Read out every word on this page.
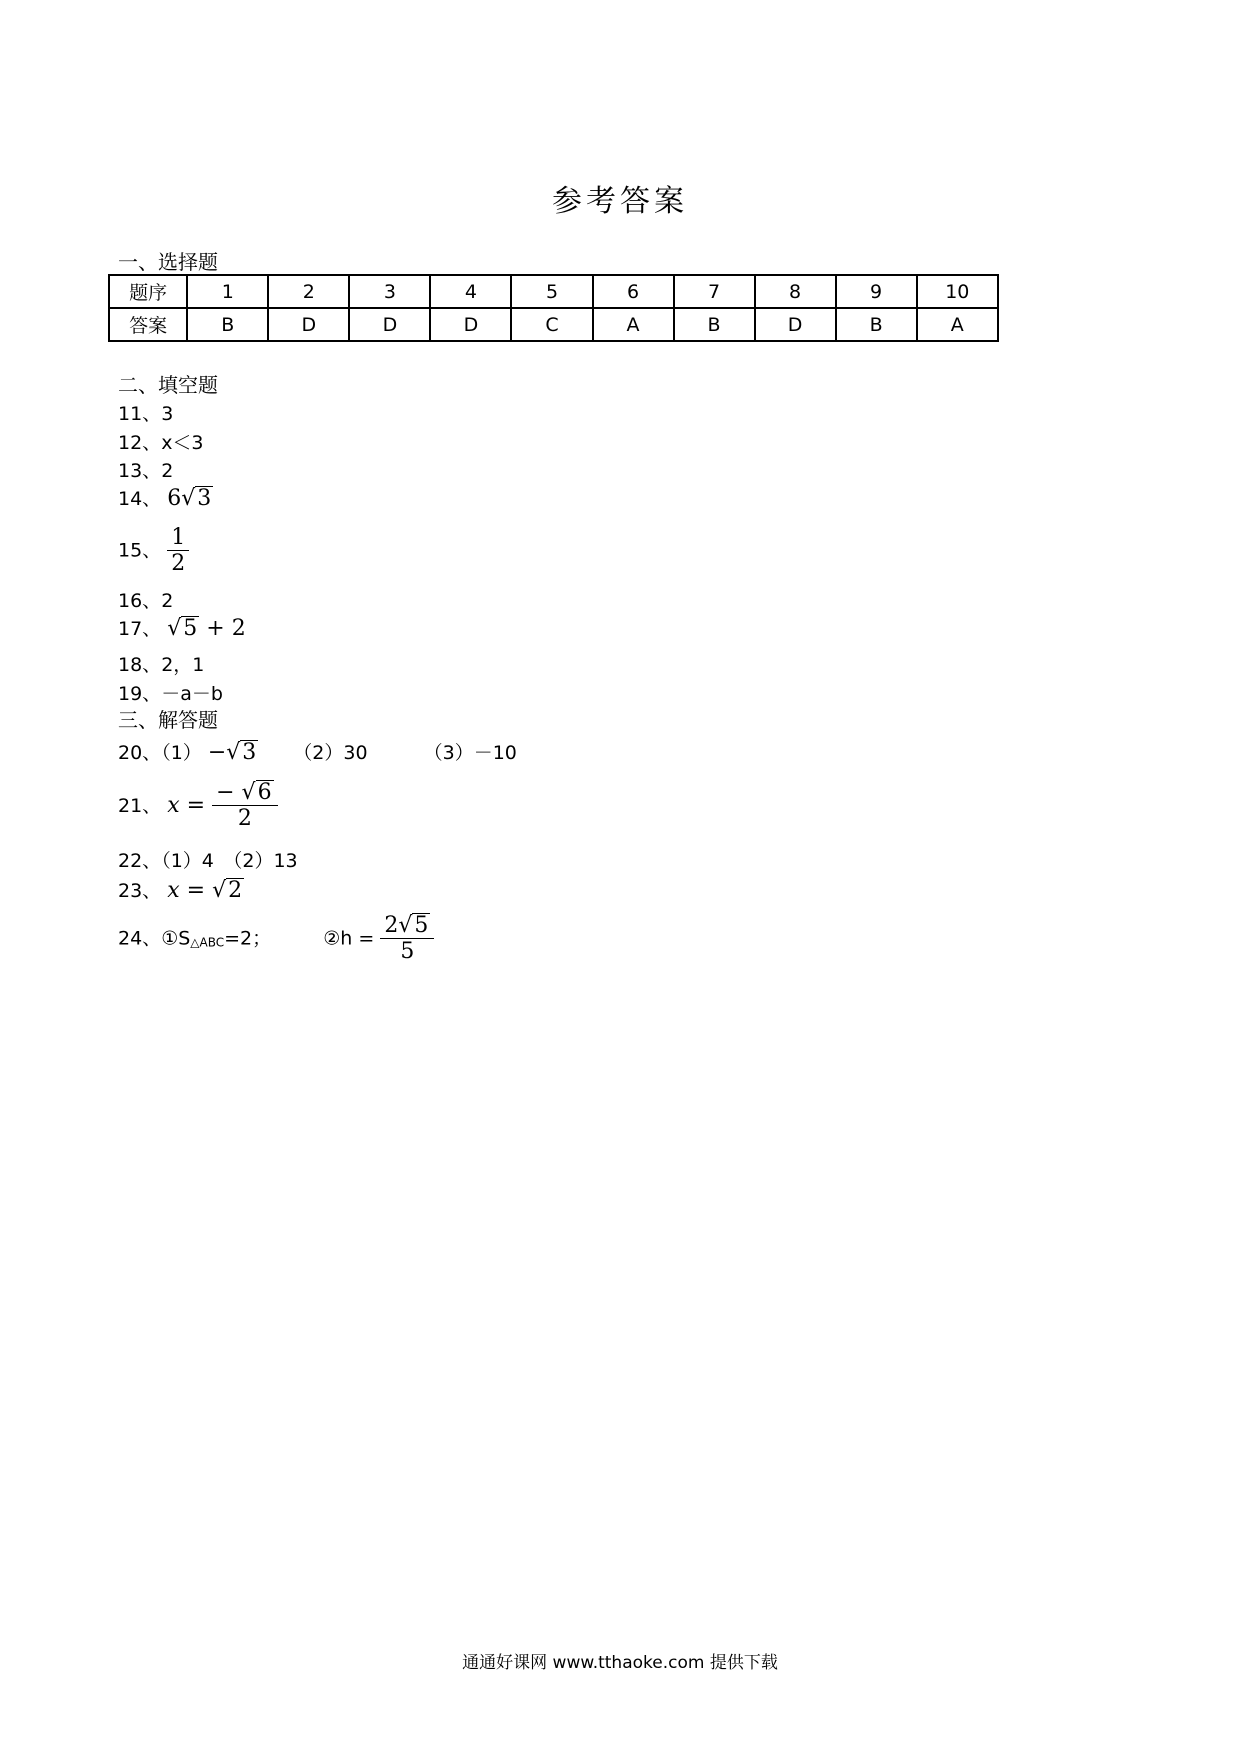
参考答案
一、选择题
题序	1	2	3	4	5	6	7	8	9	10
答案	B	D	D	D	C	A	B	D	B	A
二、填空题
11、3
12、x＜3
13、2
14、 6√3
15、 $\frac{1}{2}$
16、2
17、 √5 + 2
18、2，1
19、－a－b
三、解答题
20、（1） −√3 （2）30	（3）－10
21、 $x = \frac{- √6}{2}$
22、（1）4　（2）13
23、 x = √2
24、①S△ABC=2；	②h = $\frac{2√5}{5}$
通通好课网 www.tthaoke.com 提供下载
